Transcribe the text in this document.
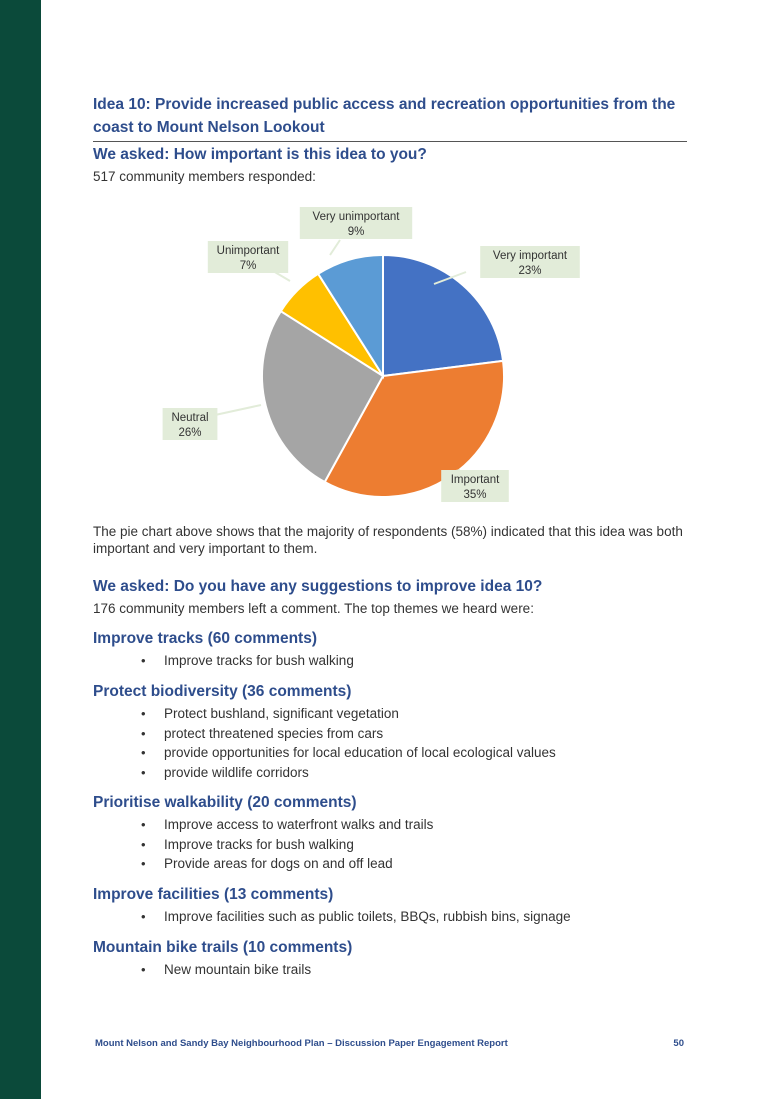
Idea 10: Provide increased public access and recreation opportunities from the coast to Mount Nelson Lookout
We asked: How important is this idea to you?
517 community members responded:
Very important
23%
Important
35%
Neutral
26%
Unimportant
7%
Very unimportant
9%
The pie chart above shows that the majority of respondents (58%) indicated that this idea was both important and very important to them.
We asked: Do you have any suggestions to improve idea 10?
176 community members left a comment. The top themes we heard were:
Improve tracks (60 comments)
• Improve tracks for bush walking
Protect biodiversity (36 comments)
• Protect bushland, significant vegetation
• protect threatened species from cars
• provide opportunities for local education of local ecological values
• provide wildlife corridors
Prioritise walkability (20 comments)
• Improve access to waterfront walks and trails
• Improve tracks for bush walking
• Provide areas for dogs on and off lead
Improve facilities (13 comments)
• Improve facilities such as public toilets, BBQs, rubbish bins, signage
Mountain bike trails (10 comments)
• New mountain bike trails
Mount Nelson and Sandy Bay Neighbourhood Plan – Discussion Paper Engagement Report	50
